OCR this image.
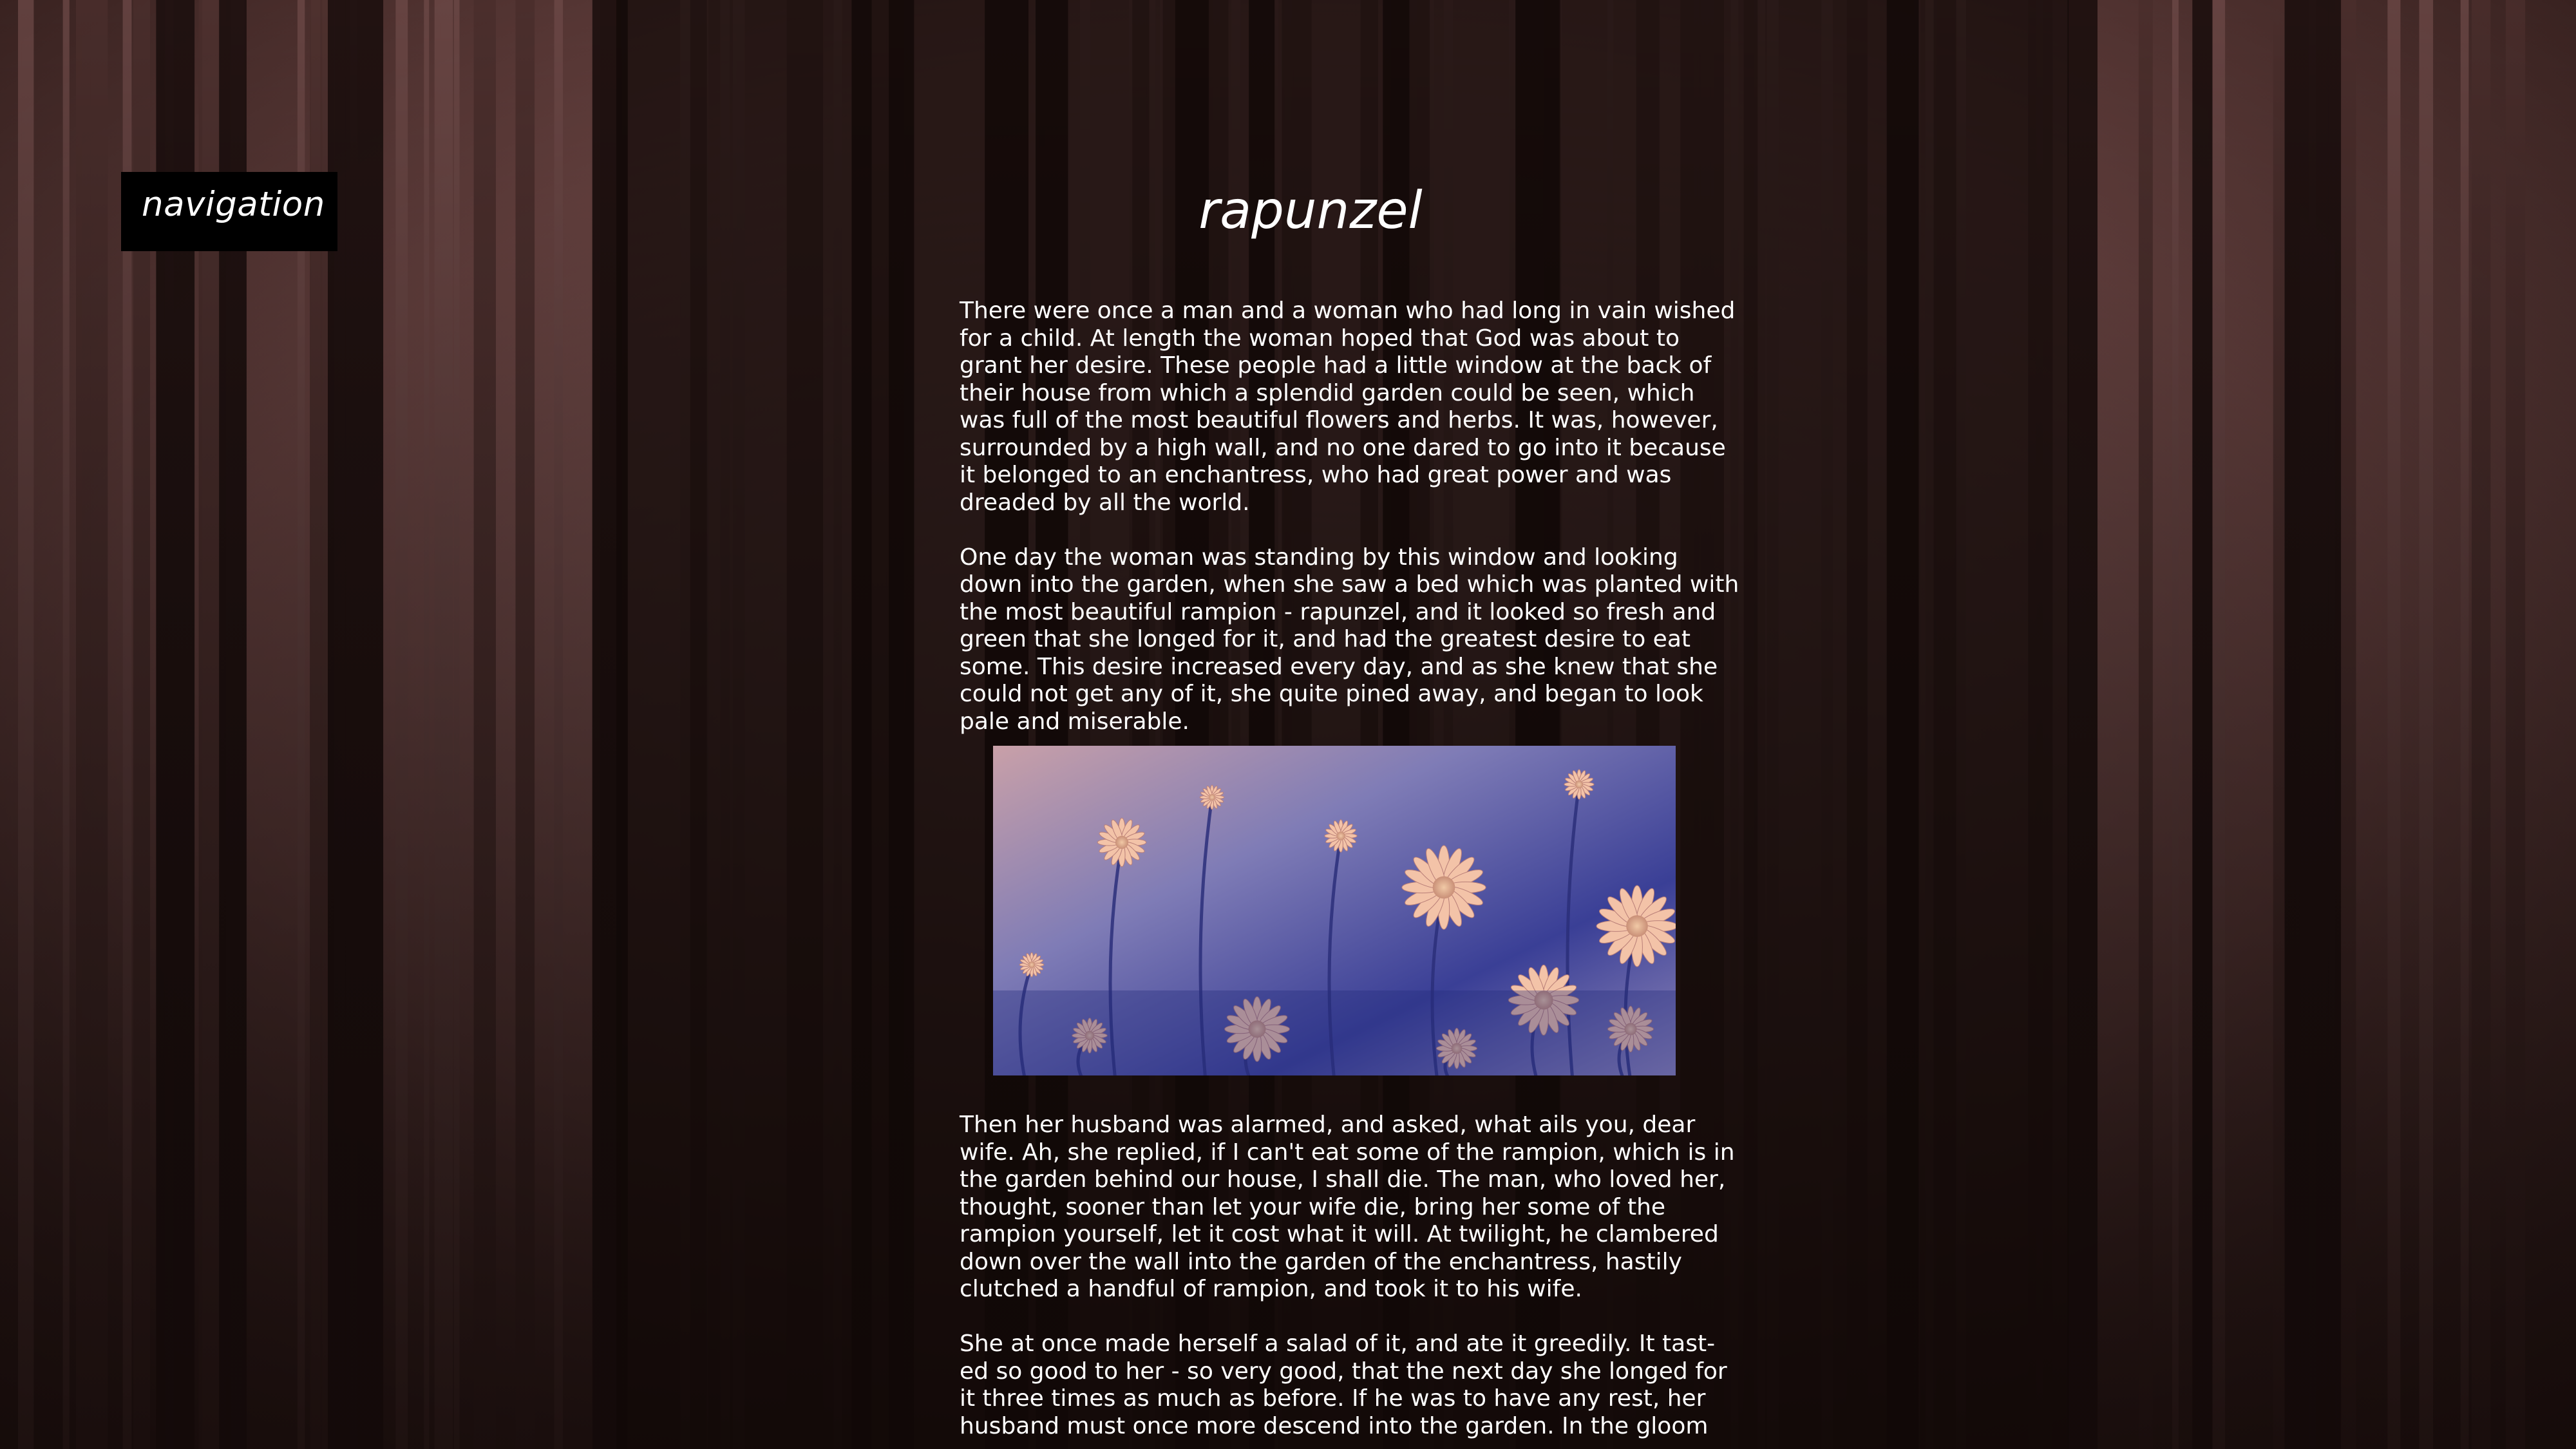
navigation	rapunzel

There were once a man and a woman who had long in vain wished for a child. At length the woman hoped that God was about to grant her desire. These people had a little window at the back of their house from which a splendid garden could be seen, which was full of the most beautiful flowers and herbs. It was, however, surrounded by a high wall, and no one dared to go into it because it belonged to an enchantress, who had great power and was dreaded by all the world.

One day the woman was standing by this window and looking down into the garden, when she saw a bed which was planted with the most beautiful rampion - rapunzel, and it looked so fresh and green that she longed for it, and had the greatest desire to eat some. This desire increased every day, and as she knew that she could not get any of it, she quite pined away, and began to look pale and miserable.

Then her husband was alarmed, and asked, what ails you, dear wife. Ah, she replied, if I can't eat some of the rampion, which is in the garden behind our house, I shall die. The man, who loved her, thought, sooner than let your wife die, bring her some of the rampion yourself, let it cost what it will. At twilight, he clambered down over the wall into the garden of the enchantress, hastily clutched a handful of rampion, and took it to his wife.

She at once made herself a salad of it, and ate it greedily. It tast-ed so good to her - so very good, that the next day she longed for it three times as much as before. If he was to have any rest, her husband must once more descend into the garden. In the gloom
